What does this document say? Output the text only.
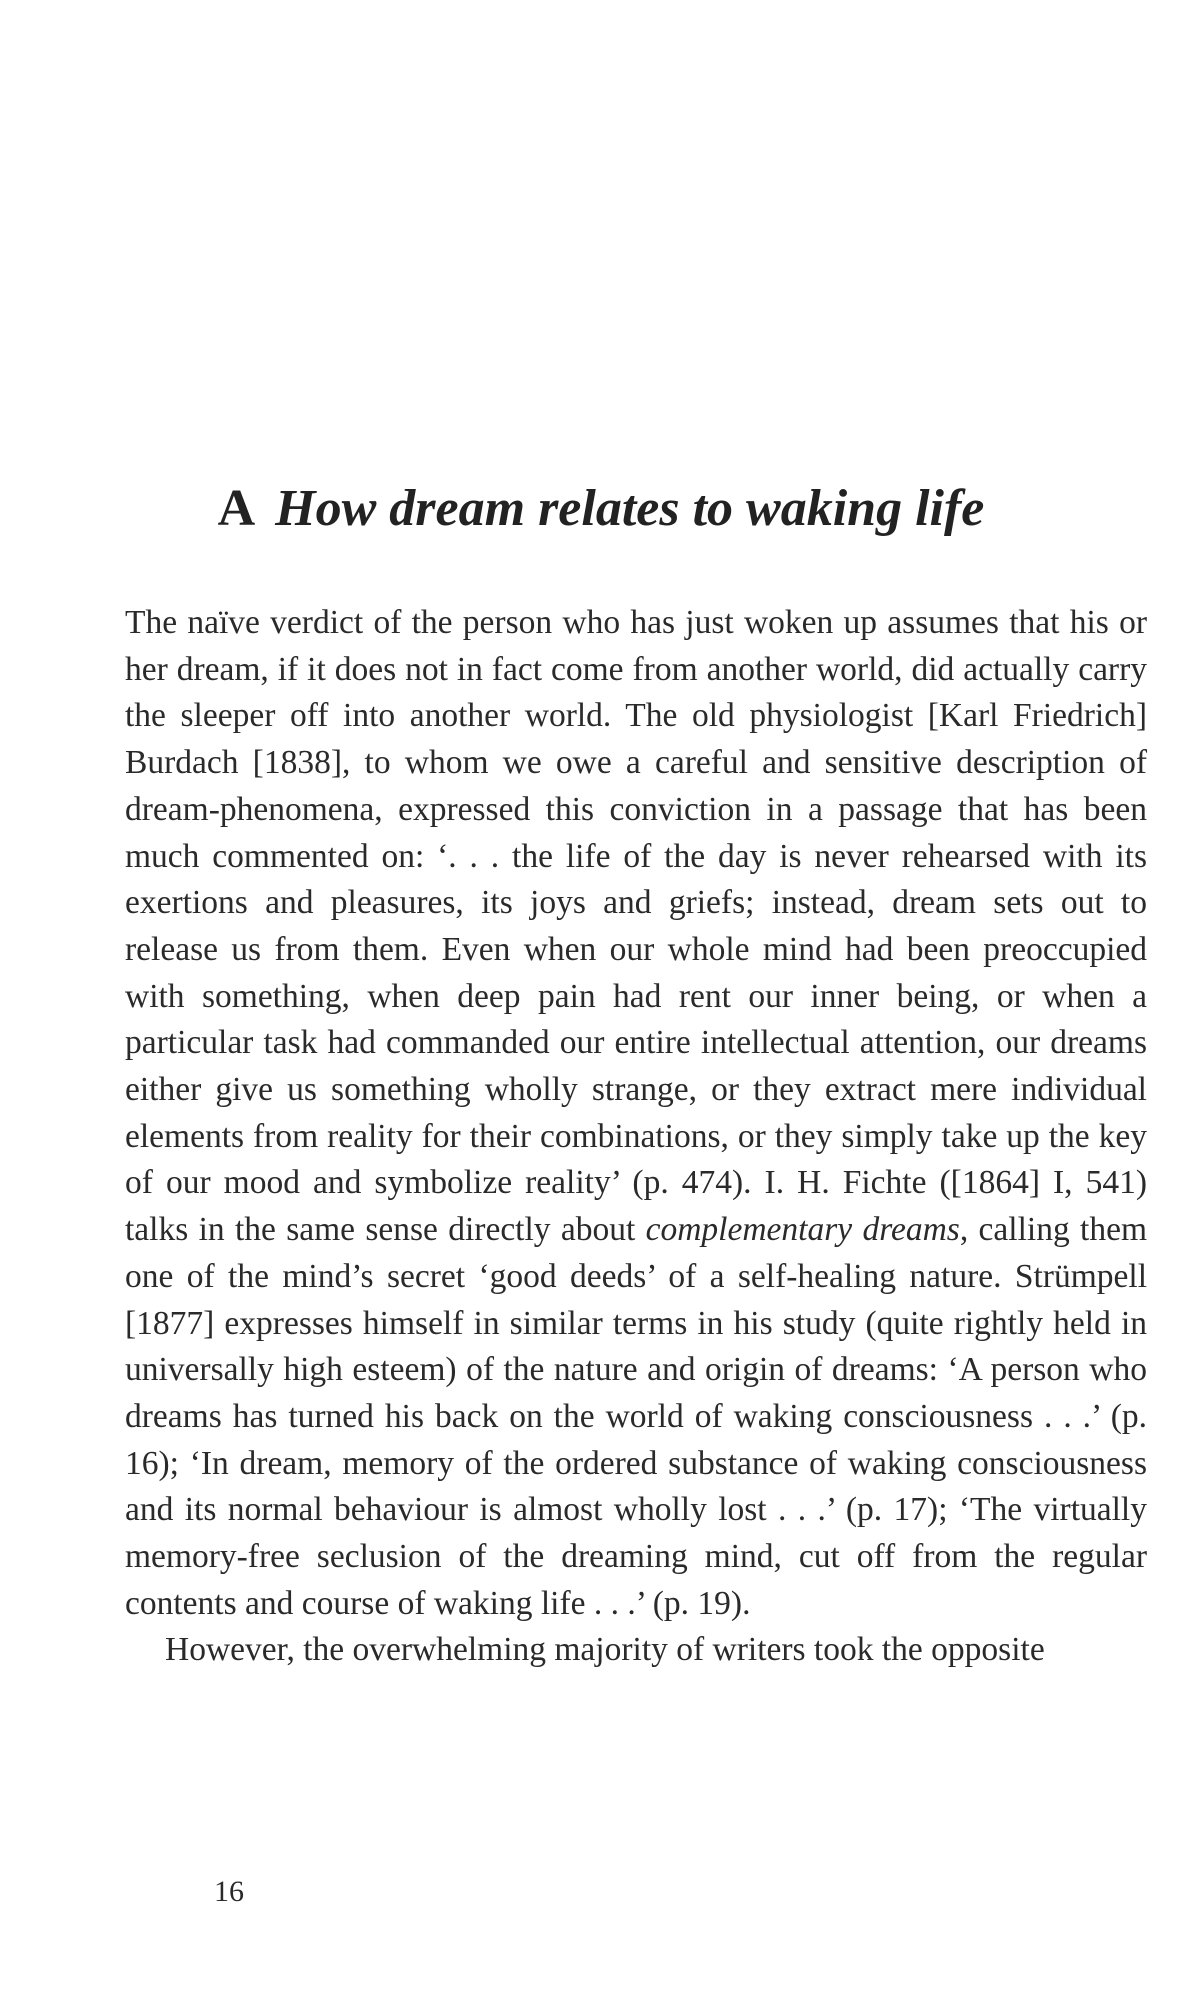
A How dream relates to waking life

The naïve verdict of the person who has just woken up assumes that his or her dream, if it does not in fact come from another world, did actually carry the sleeper off into another world. The old physiologist [Karl Friedrich] Burdach [1838], to whom we owe a careful and sensitive description of dream-phenomena, expressed this conviction in a passage that has been much commented on: ‘. . . the life of the day is never rehearsed with its exertions and pleasures, its joys and griefs; instead, dream sets out to release us from them. Even when our whole mind had been preoccupied with something, when deep pain had rent our inner being, or when a particular task had commanded our entire intellectual attention, our dreams either give us something wholly strange, or they extract mere individual elements from reality for their combinations, or they simply take up the key of our mood and symbolize reality’ (p. 474). I. H. Fichte ([1864] I, 541) talks in the same sense directly about complementary dreams, calling them one of the mind’s secret ‘good deeds’ of a self-healing nature. Strümpell [1877] expresses himself in similar terms in his study (quite rightly held in universally high esteem) of the nature and origin of dreams: ‘A person who dreams has turned his back on the world of waking consciousness . . .’ (p. 16); ‘In dream, memory of the ordered substance of waking consciousness and its normal behaviour is almost wholly lost . . .’ (p. 17); ‘The virtually memory-free seclusion of the dreaming mind, cut off from the regular contents and course of waking life . . .’ (p. 19).

However, the overwhelming majority of writers took the opposite

16
